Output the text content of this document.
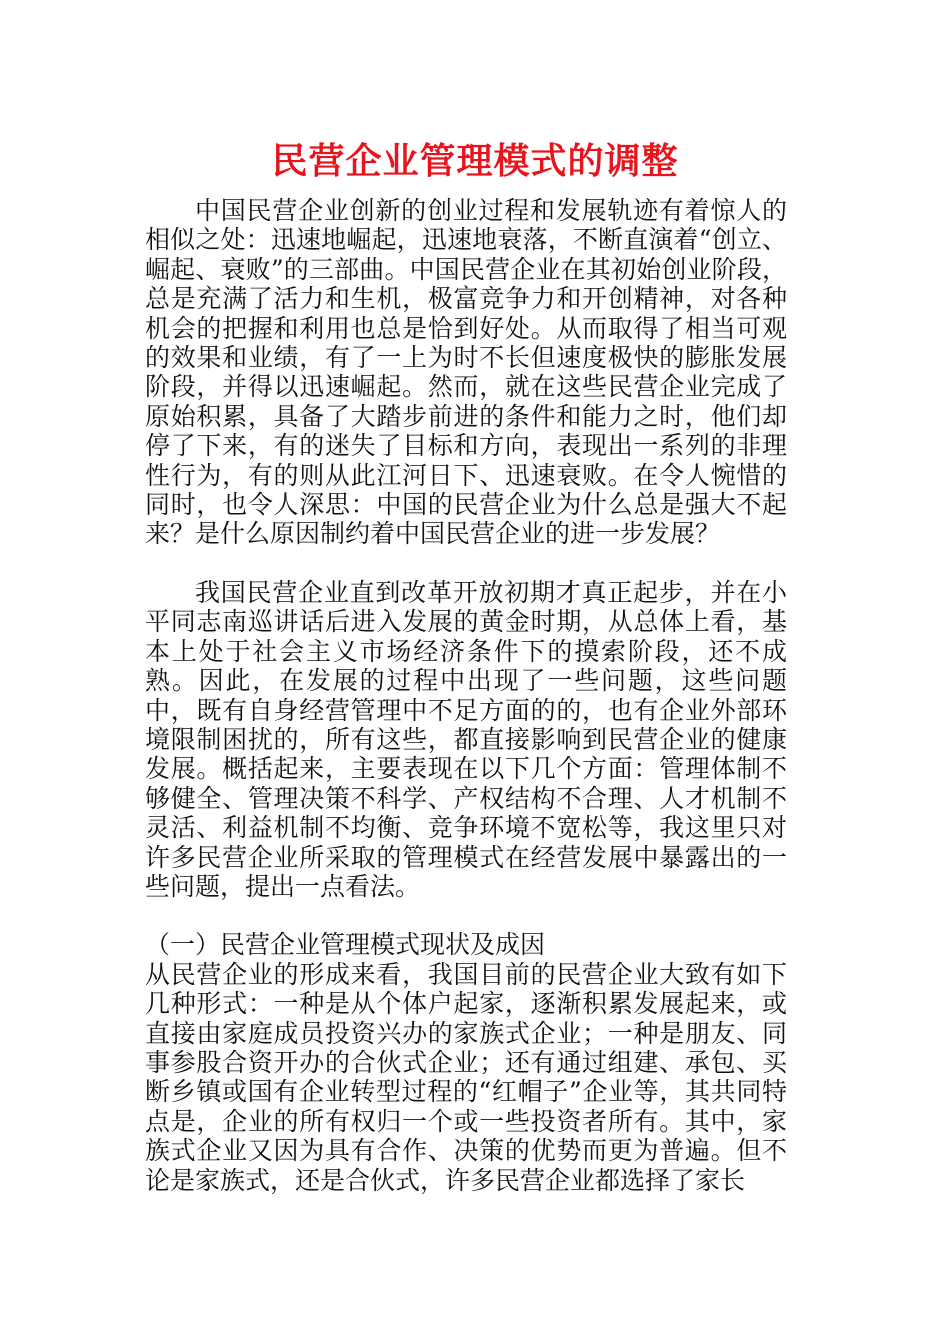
民营企业管理模式的调整

中国民营企业创新的创业过程和发展轨迹有着惊人的相似之处：迅速地崛起，迅速地衰落，不断直演着“创立、崛起、衰败”的三部曲。中国民营企业在其初始创业阶段，总是充满了活力和生机，极富竞争力和开创精神，对各种机会的把握和利用也总是恰到好处。从而取得了相当可观的效果和业绩，有了一上为时不长但速度极快的膨胀发展阶段，并得以迅速崛起。然而，就在这些民营企业完成了原始积累，具备了大踏步前进的条件和能力之时，他们却停了下来，有的迷失了目标和方向，表现出一系列的非理性行为，有的则从此江河日下、迅速衰败。在令人惋惜的同时，也令人深思：中国的民营企业为什么总是强大不起来？是什么原因制约着中国民营企业的进一步发展？

我国民营企业直到改革开放初期才真正起步，并在小平同志南巡讲话后进入发展的黄金时期，从总体上看，基本上处于社会主义市场经济条件下的摸索阶段，还不成熟。因此，在发展的过程中出现了一些问题，这些问题中，既有自身经营管理中不足方面的的，也有企业外部环境限制困扰的，所有这些，都直接影响到民营企业的健康发展。概括起来，主要表现在以下几个方面：管理体制不够健全、管理决策不科学、产权结构不合理、人才机制不灵活、利益机制不均衡、竞争环境不宽松等，我这里只对许多民营企业所采取的管理模式在经营发展中暴露出的一些问题，提出一点看法。

（一）民营企业管理模式现状及成因

从民营企业的形成来看，我国目前的民营企业大致有如下几种形式：一种是从个体户起家，逐渐积累发展起来，或直接由家庭成员投资兴办的家族式企业；一种是朋友、同事参股合资开办的合伙式企业；还有通过组建、承包、买断乡镇或国有企业转型过程的“红帽子”企业等，其共同特点是，企业的所有权归一个或一些投资者所有。其中，家族式企业又因为具有合作、决策的优势而更为普遍。但不论是家族式，还是合伙式，许多民营企业都选择了家长
